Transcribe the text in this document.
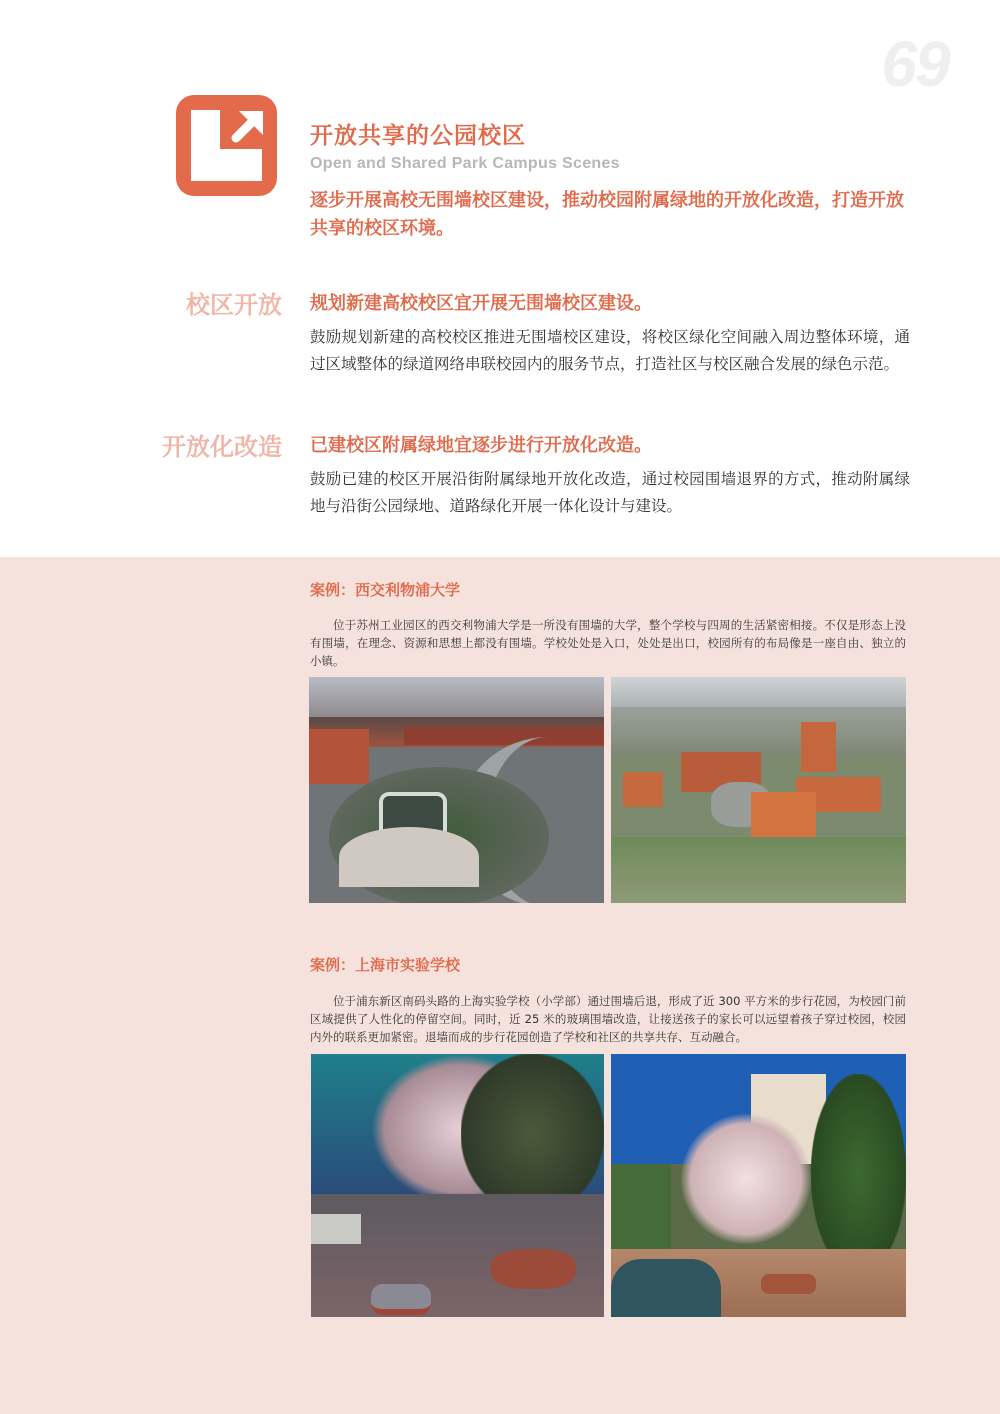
69
开放共享的公园校区
Open and Shared Park Campus Scenes
逐步开展高校无围墙校区建设，推动校园附属绿地的开放化改造，打造开放共享的校区环境。
校区开放 规划新建高校校区宜开展无围墙校区建设。
鼓励规划新建的高校校区推进无围墙校区建设，将校区绿化空间融入周边整体环境，通过区域整体的绿道网络串联校园内的服务节点，打造社区与校区融合发展的绿色示范。
开放化改造 已建校区附属绿地宜逐步进行开放化改造。
鼓励已建的校区开展沿街附属绿地开放化改造，通过校园围墙退界的方式，推动附属绿地与沿街公园绿地、道路绿化开展一体化设计与建设。
案例：西交利物浦大学
位于苏州工业园区的西交利物浦大学是一所没有围墙的大学，整个学校与四周的生活紧密相接。不仅是形态上没有围墙，在理念、资源和思想上都没有围墙。学校处处是入口，处处是出口，校园所有的布局像是一座自由、独立的小镇。
案例：上海市实验学校
位于浦东新区南码头路的上海实验学校（小学部）通过围墙后退，形成了近 300 平方米的步行花园，为校园门前区域提供了人性化的停留空间。同时，近 25 米的玻璃围墙改造，让接送孩子的家长可以远望着孩子穿过校园，校园内外的联系更加紧密。退墙而成的步行花园创造了学校和社区的共享共存、互动融合。
